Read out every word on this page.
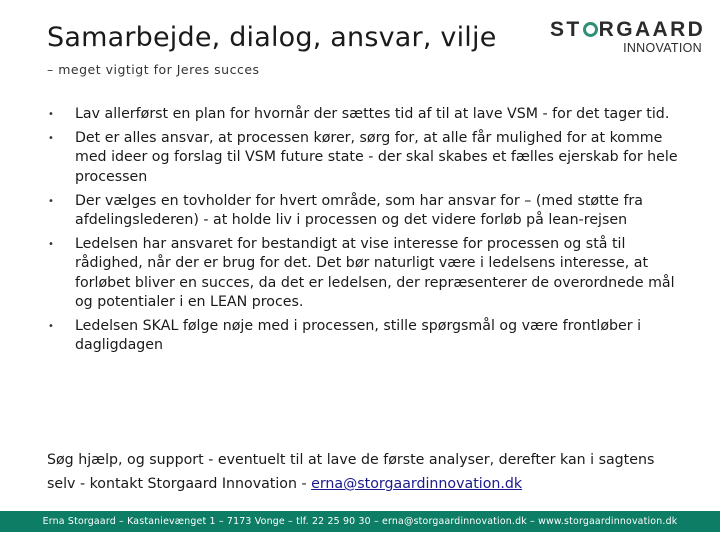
Samarbejde, dialog, ansvar, vilje
– meget vigtigt for Jeres succes
ST RGAARD
INNOVATION
• Lav allerførst en plan for hvornår der sættes tid af til at lave VSM - for det tager tid.
• Det er alles ansvar, at processen kører, sørg for, at alle får mulighed for at komme med ideer og forslag til VSM future state - der skal skabes et fælles ejerskab for hele processen
• Der vælges en tovholder for hvert område, som har ansvar for – (med støtte fra afdelingslederen) - at holde liv i processen og det videre forløb på lean-rejsen
• Ledelsen har ansvaret for bestandigt at vise interesse for processen og stå til rådighed, når der er brug for det. Det bør naturligt være i ledelsens interesse, at forløbet bliver en succes, da det er ledelsen, der repræsenterer de overordnede mål og potentialer i en LEAN proces.
• Ledelsen SKAL følge nøje med i processen, stille spørgsmål og være frontløber i dagligdagen

Søg hjælp, og support - eventuelt til at lave de første analyser, derefter kan i sagtens selv - kontakt Storgaard Innovation - erna@storgaardinnovation.dk

Erna Storgaard – Kastanievænget 1 – 7173 Vonge – tlf. 22 25 90 30 – erna@storgaardinnovation.dk – www.storgaardinnovation.dk
